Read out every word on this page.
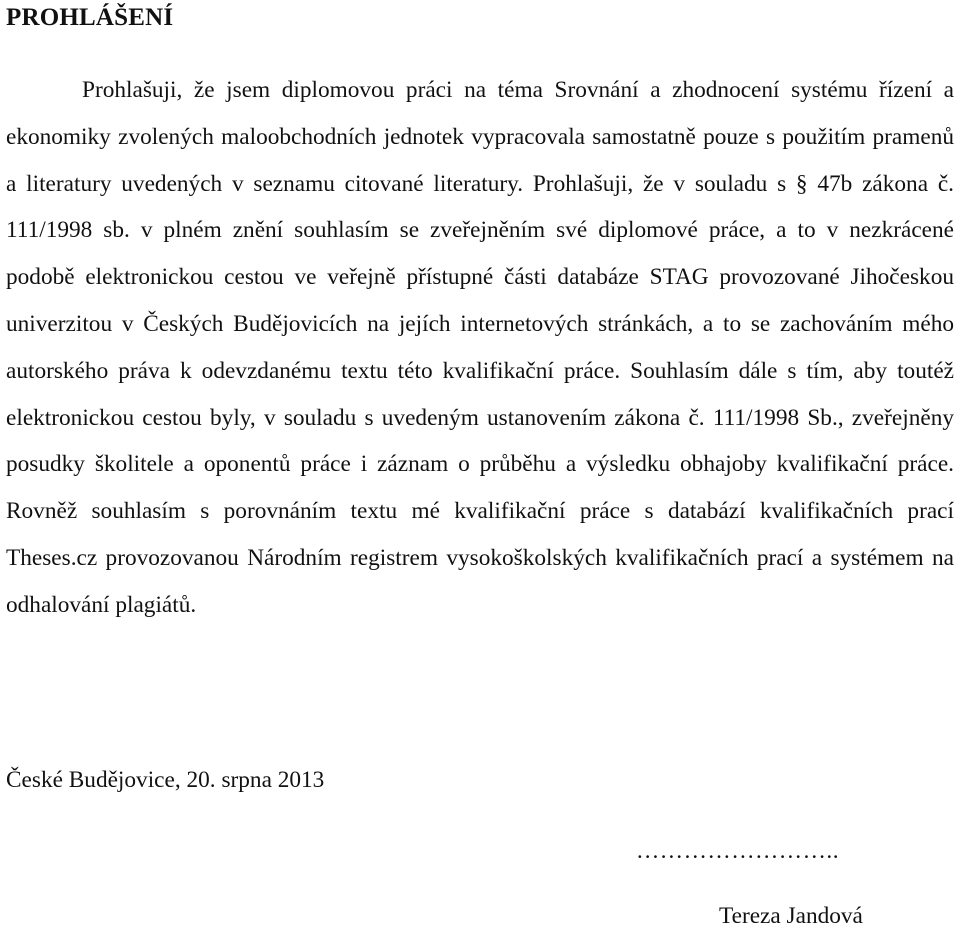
PROHLÁŠENÍ

Prohlašuji, že jsem diplomovou práci na téma Srovnání a zhodnocení systému řízení a ekonomiky zvolených maloobchodních jednotek vypracovala samostatně pouze s použitím pramenů a literatury uvedených v seznamu citované literatury. Prohlašuji, že v souladu s § 47b zákona č. 111/1998 sb. v plném znění souhlasím se zveřejněním své diplomové práce, a to v nezkrácené podobě elektronickou cestou ve veřejně přístupné části databáze STAG provozované Jihočeskou univerzitou v Českých Budějovicích na jejích internetových stránkách, a to se zachováním mého autorského práva k odevzdanému textu této kvalifikační práce. Souhlasím dále s tím, aby toutéž elektronickou cestou byly, v souladu s uvedeným ustanovením zákona č. 111/1998 Sb., zveřejněny posudky školitele a oponentů práce i záznam o průběhu a výsledku obhajoby kvalifikační práce. Rovněž souhlasím s porovnáním textu mé kvalifikační práce s databází kvalifikačních prací Theses.cz provozovanou Národním registrem vysokoškolských kvalifikačních prací a systémem na odhalování plagiátů.

České Budějovice, 20. srpna 2013

……………………..

Tereza Jandová
